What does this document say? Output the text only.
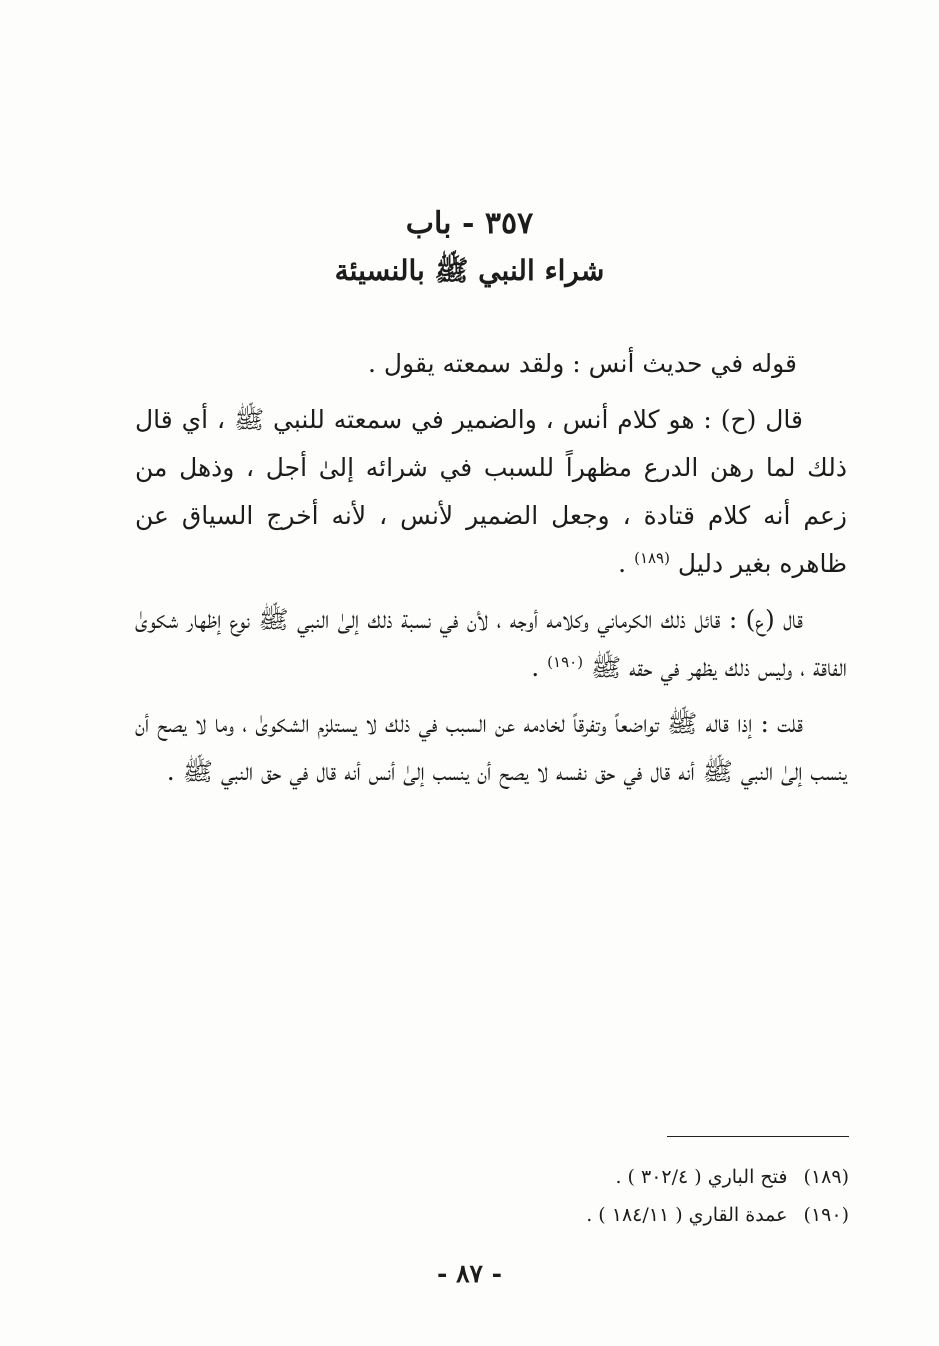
٣٥٧ - باب
شراء النبي ﷺ بالنسيئة

قوله في حديث أنس : ولقد سمعته يقول .

قال (ح) : هو كلام أنس ، والضمير في سمعته للنبي ﷺ ، أي قال ذلك لما رهن الدرع مظهراً للسبب في شرائه إلىٰ أجل ، وذهل من زعم أنه كلام قتادة ، وجعل الضمير لأنس ، لأنه أخرج السياق عن ظاهره بغير دليل $^{(١٨٩)}$ .

قال (ع) : قائل ذلك الكرماني وكلامه أوجه ، لأن في نسبة ذلك إلىٰ النبي ﷺ نوع إظهار شكوىٰ الفاقة ، وليس ذلك يظهر في حقه ﷺ $^{(١٩٠)}$ .

قلت : إذا قاله ﷺ تواضعاً وتفرقاً لخادمه عن السبب في ذلك لا يستلزم الشكوىٰ ، وما لا يصح أن ينسب إلىٰ النبي ﷺ أنه قال في حق نفسه لا يصح أن ينسب إلىٰ أنس أنه قال في حق النبي ﷺ .

(١٨٩) فتح الباري ( ٣٠٢/٤ ) .
(١٩٠) عمدة القاري ( ١٨٤/١١ ) .
- ٨٧ -
